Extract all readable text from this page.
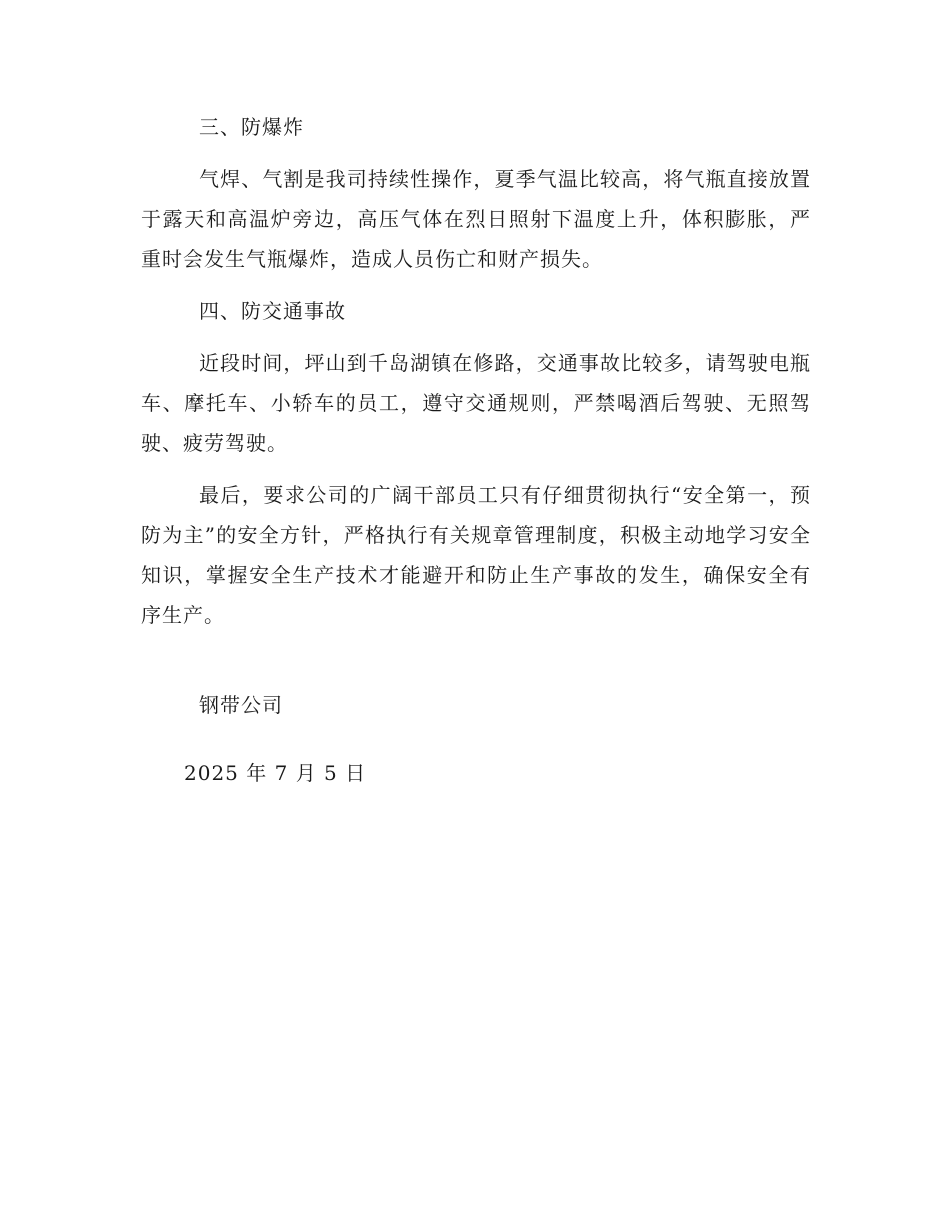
三、防爆炸

气焊、气割是我司持续性操作，夏季气温比较高，将气瓶直接放置于露天和高温炉旁边，高压气体在烈日照射下温度上升，体积膨胀，严重时会发生气瓶爆炸，造成人员伤亡和财产损失。

四、防交通事故

近段时间，坪山到千岛湖镇在修路，交通事故比较多，请驾驶电瓶车、摩托车、小轿车的员工，遵守交通规则，严禁喝酒后驾驶、无照驾驶、疲劳驾驶。

最后，要求公司的广阔干部员工只有仔细贯彻执行“安全第一，预防为主”的安全方针，严格执行有关规章管理制度，积极主动地学习安全知识，掌握安全生产技术才能避开和防止生产事故的发生，确保安全有序生产。

钢带公司

2025 年 7 月 5 日
